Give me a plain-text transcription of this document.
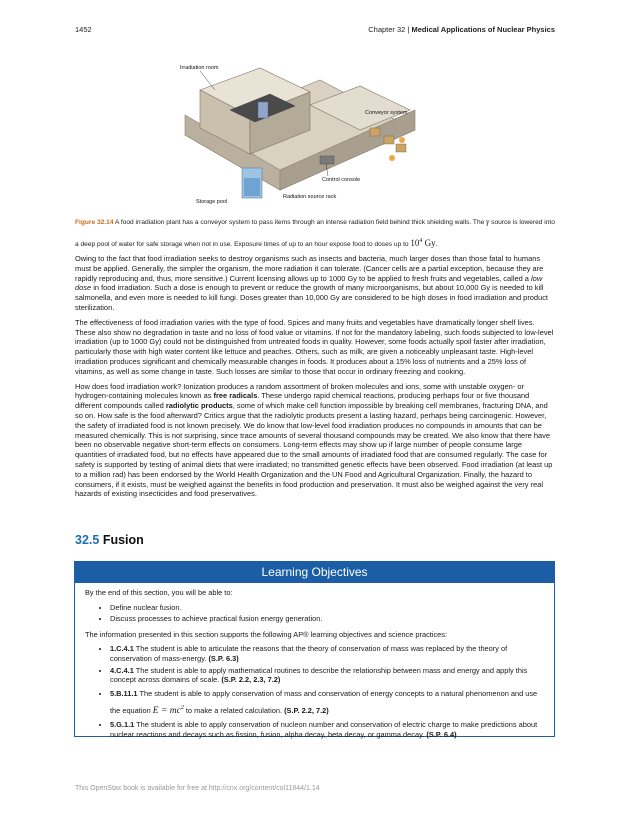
1452	Chapter 32 | Medical Applications of Nuclear Physics
Irradiation room
Conveyor system
Control console
Radiation source rack
Storage pool
Figure 32.14 A food irradiation plant has a conveyor system to pass items through an intense radiation field behind thick shielding walls. The γ source is lowered into a deep pool of water for safe storage when not in use. Exposure times of up to an hour expose food to doses up to $10^4$ Gy.

Owing to the fact that food irradiation seeks to destroy organisms such as insects and bacteria, much larger doses than those fatal to humans must be applied. Generally, the simpler the organism, the more radiation it can tolerate. (Cancer cells are a partial exception, because they are rapidly reproducing and, thus, more sensitive.) Current licensing allows up to 1000 Gy to be applied to fresh fruits and vegetables, called a low dose in food irradiation. Such a dose is enough to prevent or reduce the growth of many microorganisms, but about 10,000 Gy is needed to kill salmonella, and even more is needed to kill fungi. Doses greater than 10,000 Gy are considered to be high doses in food irradiation and product sterilization.

The effectiveness of food irradiation varies with the type of food. Spices and many fruits and vegetables have dramatically longer shelf lives. These also show no degradation in taste and no loss of food value or vitamins. If not for the mandatory labeling, such foods subjected to low-level irradiation (up to 1000 Gy) could not be distinguished from untreated foods in quality. However, some foods actually spoil faster after irradiation, particularly those with high water content like lettuce and peaches. Others, such as milk, are given a noticeably unpleasant taste. High-level irradiation produces significant and chemically measurable changes in foods. It produces about a 15% loss of nutrients and a 25% loss of vitamins, as well as some change in taste. Such losses are similar to those that occur in ordinary freezing and cooking.

How does food irradiation work? Ionization produces a random assortment of broken molecules and ions, some with unstable oxygen- or hydrogen-containing molecules known as free radicals. These undergo rapid chemical reactions, producing perhaps four or five thousand different compounds called radiolytic products, some of which make cell function impossible by breaking cell membranes, fracturing DNA, and so on. How safe is the food afterward? Critics argue that the radiolytic products present a lasting hazard, perhaps being carcinogenic. However, the safety of irradiated food is not known precisely. We do know that low-level food irradiation produces no compounds in amounts that can be measured chemically. This is not surprising, since trace amounts of several thousand compounds may be created. We also know that there have been no observable negative short-term effects on consumers. Long-term effects may show up if large number of people consume large quantities of irradiated food, but no effects have appeared due to the small amounts of irradiated food that are consumed regularly. The case for safety is supported by testing of animal diets that were irradiated; no transmitted genetic effects have been observed. Food irradiation (at least up to a million rad) has been endorsed by the World Health Organization and the UN Food and Agricultural Organization. Finally, the hazard to consumers, if it exists, must be weighed against the benefits in food production and preservation. It must also be weighed against the very real hazards of existing insecticides and food preservatives.

32.5 Fusion
Learning Objectives

By the end of this section, you will be able to:

• Define nuclear fusion.
• Discuss processes to achieve practical fusion energy generation.

The information presented in this section supports the following AP® learning objectives and science practices:

• 1.C.4.1 The student is able to articulate the reasons that the theory of conservation of mass was replaced by the theory of conservation of mass-energy. (S.P. 6.3)
• 4.C.4.1 The student is able to apply mathematical routines to describe the relationship between mass and energy and apply this concept across domains of scale. (S.P. 2.2, 2.3, 7.2)
• 5.B.11.1 The student is able to apply conservation of mass and conservation of energy concepts to a natural phenomenon and use the equation $E = mc^2$ to make a related calculation. (S.P. 2.2, 7.2)
• 5.G.1.1 The student is able to apply conservation of nucleon number and conservation of electric charge to make predictions about nuclear reactions and decays such as fission, fusion, alpha decay, beta decay, or gamma decay. (S.P. 6.4)
This OpenStax book is available for free at http://cnx.org/content/col11844/1.14
